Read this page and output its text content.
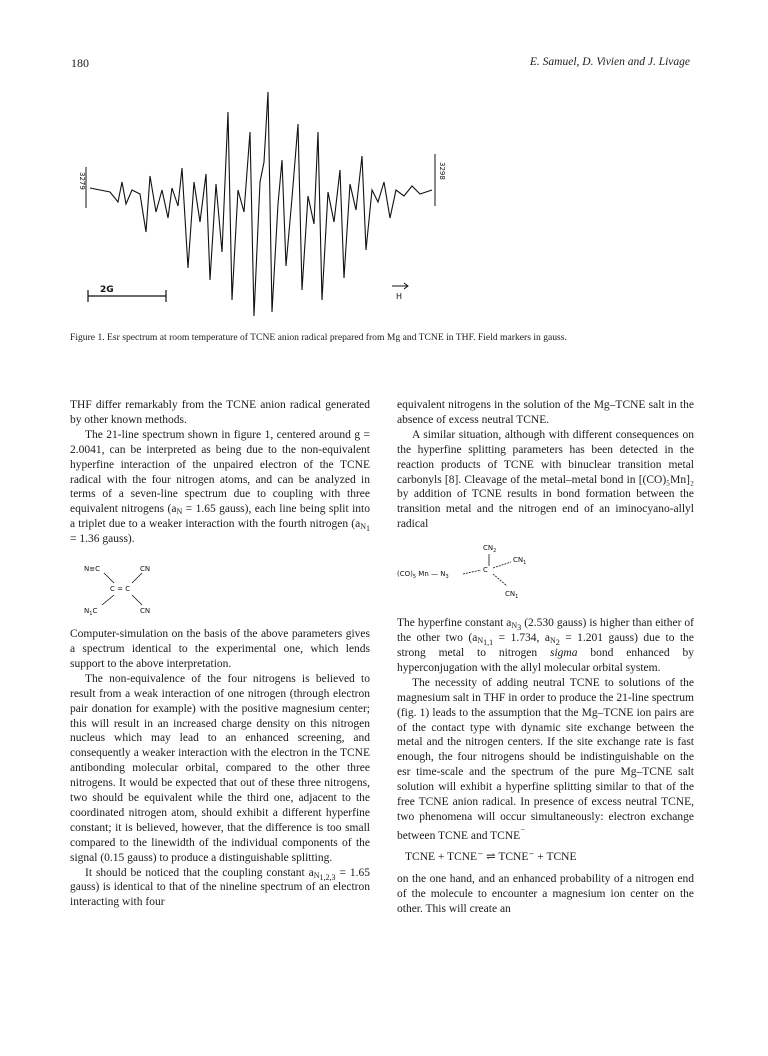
180	E. Samuel, D. Vivien and J. Livage
3279
3298
2G
H
Figure 1. Esr spectrum at room temperature of TCNE anion radical prepared from Mg and TCNE in THF. Field markers in gauss.

THF differ remarkably from the TCNE anion radical generated by other known methods.

The 21-line spectrum shown in figure 1, centered around g = 2.0041, can be interpreted as being due to the non-equivalent hyperfine interaction of the unpaired electron of the TCNE radical with the four nitrogen atoms, and can be analyzed in terms of a seven-line spectrum due to coupling with three equivalent nitrogens ($a_N = 1.65$ gauss), each line being split into a triplet due to a weaker interaction with the fourth nitrogen ($a_{N_1} = 1.36$ gauss).

N≡C	CN
C = C
$N_1C$	CN

Computer-simulation on the basis of the above parameters gives a spectrum identical to the experimental one, which lends support to the above interpretation.

The non-equivalence of the four nitrogens is believed to result from a weak interaction of one nitrogen (through electron pair donation for example) with the positive magnesium center; this will result in an increased charge density on this nitrogen nucleus which may lead to an enhanced screening, and consequently a weaker interaction with the electron in the TCNE antibonding molecular orbital, compared to the other three nitrogens. It would be expected that out of these three nitrogens, two should be equivalent while the third one, adjacent to the coordinated nitrogen atom, should exhibit a different hyperfine constant; it is believed, however, that the difference is too small compared to the linewidth of the individual components of the signal (0.15 gauss) to produce a distinguishable splitting.

It should be noticed that the coupling constant $a_{N_{1,2,3}} = 1.65$ gauss) is identical to that of the nineline spectrum of an electron interacting with four

equivalent nitrogens in the solution of the Mg–TCNE salt in the absence of excess neutral TCNE.

A similar situation, although with different consequences on the hyperfine splitting parameters has been detected in the reaction products of TCNE with binuclear transition metal carbonyls [8]. Cleavage of the metal–metal bond in [(CO)₅Mn]₂ by addition of TCNE results in bond formation between the transition metal and the nitrogen end of an iminocyano-allyl radical

$CN_2$
$CN_1$
$(CO)_5$ Mn — $N_3$
C
$CN_1$

The hyperfine constant $a_{N_3}$ (2.530 gauss) is higher than either of the other two ($a_{N_{1,1}} = 1.734$, $a_{N_2} = 1.201$ gauss) due to the strong metal to nitrogen sigma bond enhanced by hyperconjugation with the allyl molecular orbital system.

The necessity of adding neutral TCNE to solutions of the magnesium salt in THF in order to produce the 21-line spectrum (fig. 1) leads to the assumption that the Mg–TCNE ion pairs are of the contact type with dynamic site exchange between the metal and the nitrogen centers. If the site exchange rate is fast enough, the four nitrogens should be indistinguishable on the esr time-scale and the spectrum of the pure Mg–TCNE salt solution will exhibit a hyperfine splitting similar to that of the free TCNE anion radical. In presence of excess neutral TCNE, two phenomena will occur simultaneously: electron exchange between TCNE and TCNE⁻

TCNE + TCNE⁻ ⇌ TCNE⁻ + TCNE

on the one hand, and an enhanced probability of a nitrogen end of the molecule to encounter a magnesium ion center on the other. This will create an
